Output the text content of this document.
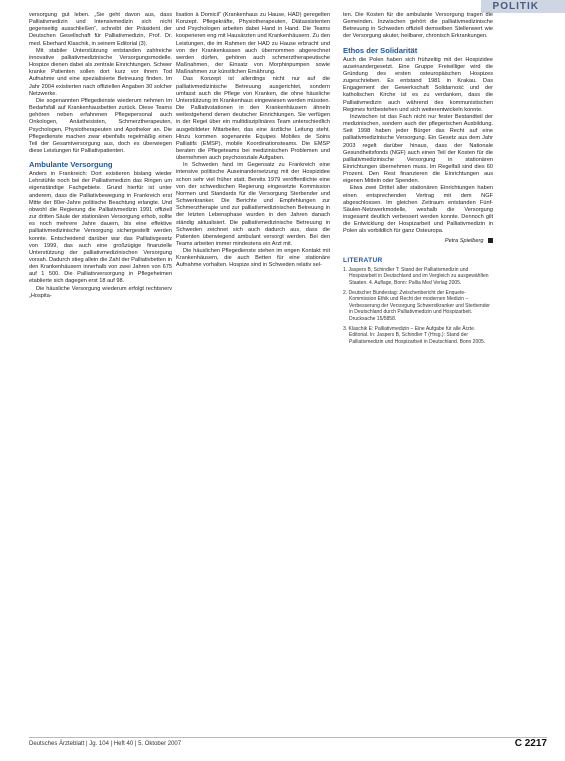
POLITIK

versorgung gut leben. „Sie geht davon aus, dass Palliativmedizin und Intensivmedizin sich nicht gegenseitig ausschließen“, schreibt der Präsident der Deutschen Gesellschaft für Palliativmedizin, Prof. Dr. med. Eberhard Klaschik, in seinem Editorial (3).

Mit stabiler Unterstützung entstanden zahlreiche innovative palliativmedizinische Versorgungsmodelle. Hospize dienen dabei als zentrale Einrichtungen. Schwer kranke Patienten sollen dort kurz vor ihrem Tod Aufnahme und eine spezialisierte Betreuung finden. Im Jahr 2004 existierten nach offiziellen Angaben 30 solcher Netzwerke.

Die sogenannten Pflegedienste wiederum nehmen im Bedarfsfall auf Krankenhausbetten zurück. Diese Teams gehören neben erfahrenen Pflegepersonal auch Onkologen, Anästhesisten, Schmerztherapeuten, Psychologen, Physiotherapeuten und Apotheker an. Die Pflegedienste machen zwar ebenfalls regelmäßig einen Teil der Gesamtversorgung aus, doch es überwiegen diese Leistungen für Palliativpatienten.

Ambulante Versorgung

Anders in Frankreich: Dort existieren bislang wieder Lehrstühle noch bei der Palliativmedizin das Ringen um eigenständige Fachgebiete. Grund hierfür ist unter anderem, dass die Palliativbewegung in Frankreich erst Mitte der 80er-Jahre politische Beachtung erlangte. Und obwohl die Regierung die Palliativmedizin 1991 offiziell zur dritten Säule der stationären Versorgung erhob, sollte es noch mehrere Jahre dauern, bis eine effektive palliativmedizinische Versorgung sichergestellt werden konnte. Entscheidend darüber war das Palliativgesetz von 1999, das auch eine großzügige finanzielle Unterstützung der palliativmedizinischen Versorgung vorsah. Dadurch stieg allein die Zahl der Palliativbetten in den Krankenhäusern innerhalb von zwei Jahren von 675 auf 1 500. Die Palliativversorgung in Pflegeheimen etablierte sich dagegen erst 18 auf 98.

Die häusliche Versorgung wiederum erfolgt rechtsnerv „Hospita-

lisation à Domicil“ (Krankenhaus zu Hause, HAD) geregelten Konzept. Pflegekräfte, Physiotherapeuten, Diätassistenten und Psychologen arbeiten dabei Hand in Hand. Die Teams kooperieren eng mit Hausärzten und Krankenhäusern. Zu den Leistungen, die im Rahmen der HAD zu Hause erbracht und von der Krankenkassen auch übernommen abgerechnet werden dürfen, gehören auch schmerztherapeutische Maßnahmen, der Einsatz von Morphinpumpen sowie Maßnahmen zur künstlichen Ernährung.

Das Konzept ist allerdings nicht nur auf die palliativmedizinische Betreuung ausgerichtet, sondern umfasst auch die Pflege von Kranken, die ohne häusliche Unterstützung im Krankenhaus eingewiesen werden müssten. Die Palliativstationen in den Krankenhäusern ähneln weitestgehend denen deutscher Einrichtungen. Sie verfügen in der Regel über ein multidisziplinäres Team unterschiedlich ausgebildeter Mitarbeiter, das eine ärztliche Leitung steht. Hinzu kommen sogenannte Equipes Mobiles de Soins Palliatifs (EMSP), mobile Koordinationsteams. Die EMSP beraten die Pflegeteams bei medizinischen Problemen und übernehmen auch psychosoziale Aufgaben.

In Schweden fand im Gegensatz zu Frankreich eine intensive politische Auseinandersetzung mit der Hospizidee schon sehr viel früher statt. Bereits 1979 veröffentlichte eine von der schwedischen Regierung eingesetzte Kommission Normen und Standards für die Versorgung Sterbender und Schwerkranker. Die Berichte und Empfehlungen zur Schmerztherapie und zur palliativmedizinischen Betreuung in der letzten Lebensphase wurden in den Jahren danach ständig aktualisiert. Die palliativmedizinische Betreuung in Schweden zeichnet sich auch dadurch aus, dass die Patienten überwiegend ambulant versorgt werden. Bei den Teams arbeiten immer mindestens ein Arzt mit.

Die häuslichen Pflegedienste stehen im engen Kontakt mit Krankenhäusern, die auch Betten für eine stationäre Aufnahme vorhalten. Hospize sind in Schweden relativ sel-

ten. Die Kosten für die ambulante Versorgung tragen die Gemeinden. Inzwischen gehört die palliativmedizinische Betreuung in Schweden offiziell demselben Stellenwert wie der Versorgung akuter, heilbarer, chronisch Erkrankungen.

Ethos der Solidarität

Auch die Polen haben sich frühzeitig mit der Hospizidee auseinandergesetzt. Eine Gruppe Freiwilliger wird die Gründung des ersten osteuropäischen Hospizes zugeschrieben. Es entstand 1981 in Krakau. Das Engagement der Gewerkschaft Solidarność und der katholischen Kirche ist es zu verdanken, dass die Palliativmedizin auch während des kommunistischen Regimes fortbestehen und sich weiterentwickeln konnte.

Inzwischen ist das Fach nicht nur fester Bestandteil der medizinischen, sondern auch der pflegerischen Ausbildung. Seit 1998 haben jeder Bürger das Recht auf eine palliativmedizinische Versorgung. Ein Gesetz aus dem Jahr 2003 regelt darüber hinaus, dass der Nationale Gesundheitsfonds (NGF) auch einen Teil der Kosten für die palliativmedizinische Versorgung in stationären Einrichtungen übernehmen muss. Im Regelfall sind dies 60 Prozent. Den Rest finanzieren die Einrichtungen aus eigenen Mitteln oder Spenden.

Etwa zwei Drittel aller stationären Einrichtungen haben einen entsprechenden Vertrag mit dem NGF abgeschlossen. Im gleichen Zeitraum entstanden Fünf-Säulen-Netzwerkmodelle, weshalb die Versorgung insgesamt deutlich verbessert werden konnte. Dennoch gilt die Entwicklung der Hospizarbeit und Palliativmedizin in Polen als vorbildlich für ganz Osteuropa.

Petra Spielberg
LITERATUR
1. Jaspers B, Schindler T: Stand der Palliativmedizin und Hospizarbeit in Deutschland und im Vergleich zu ausgewählten Staaten. 4. Auflage, Bonn: Pallia Med Verlag 2005.
2. Deutscher Bundestag: Zwischenbericht der Enquete-Kommission Ethik und Recht der modernen Medizin – Verbesserung der Versorgung Schwerstkranker und Sterbender in Deutschland durch Palliativmedizin und Hospizarbeit. Drucksache 15/5858.
3. Klaschik E: Palliativmedizin – Eine Aufgabe für alle Ärzte. Editorial. In: Jaspers B, Schindler T (Hrsg.): Stand der Palliativmedizin und Hospizarbeit in Deutschland. Bonn 2005.
Deutsches Ärzteblatt | Jg. 104 | Heft 40 | 5. Oktober 2007	C 2217
